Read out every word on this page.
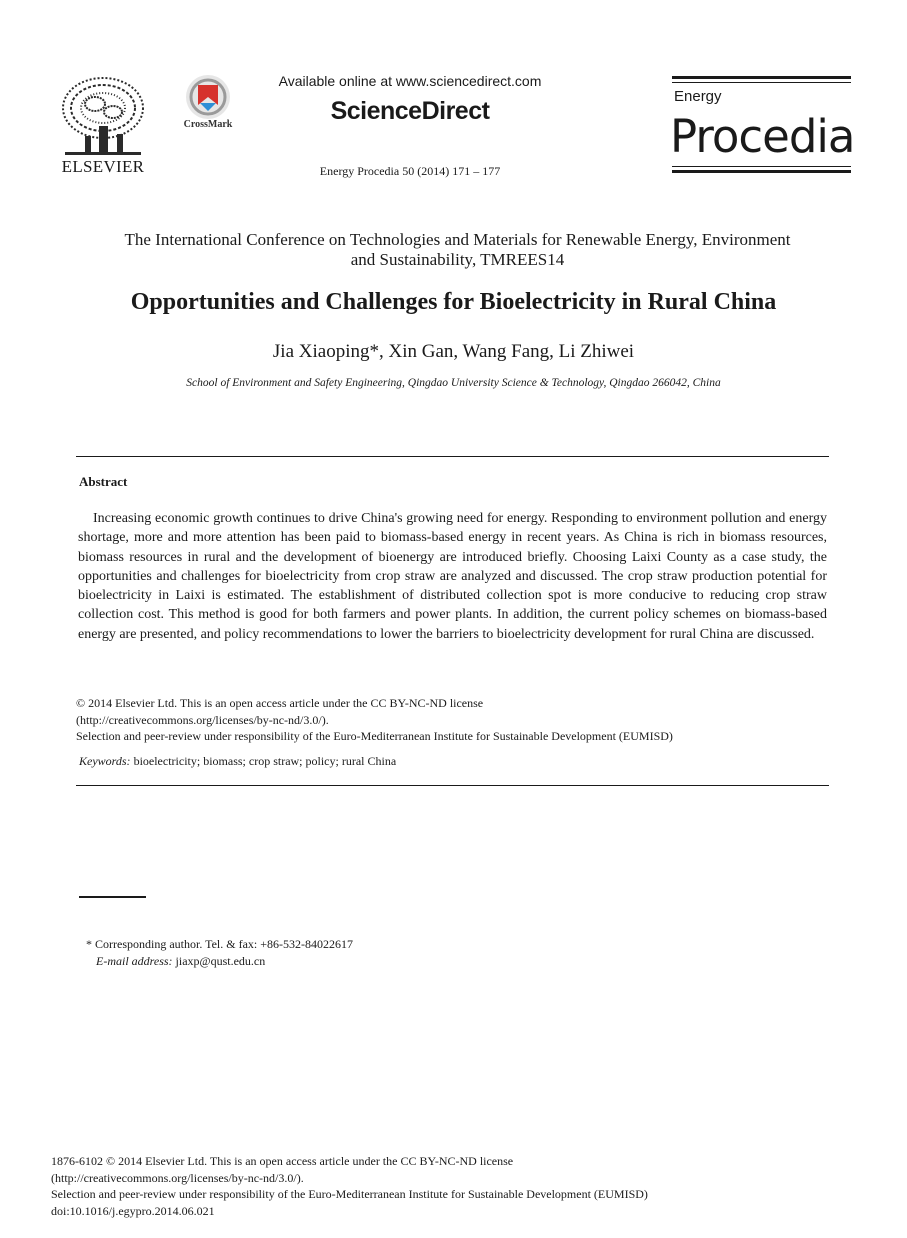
ELSEVIER
CrossMark
Available online at www.sciencedirect.com
ScienceDirect
Energy Procedia 50 (2014) 171 – 177
Energy
Procedia
The International Conference on Technologies and Materials for Renewable Energy, Environment
and Sustainability, TMREES14
Opportunities and Challenges for Bioelectricity in Rural China
Jia Xiaoping*, Xin Gan, Wang Fang, Li Zhiwei
School of Environment and Safety Engineering, Qingdao University Science & Technology, Qingdao 266042, China
Abstract
Increasing economic growth continues to drive China's growing need for energy. Responding to environment pollution and energy shortage, more and more attention has been paid to biomass-based energy in recent years. As China is rich in biomass resources, biomass resources in rural and the development of bioenergy are introduced briefly. Choosing Laixi County as a case study, the opportunities and challenges for bioelectricity from crop straw are analyzed and discussed. The crop straw production potential for bioelectricity in Laixi is estimated. The establishment of distributed collection spot is more conducive to reducing crop straw collection cost. This method is good for both farmers and power plants. In addition, the current policy schemes on biomass-based energy are presented, and policy recommendations to lower the barriers to bioelectricity development for rural China are discussed.
© 2014 Elsevier Ltd. This is an open access article under the CC BY-NC-ND license
(http://creativecommons.org/licenses/by-nc-nd/3.0/).
Selection and peer-review under responsibility of the Euro-Mediterranean Institute for Sustainable Development (EUMISD)
Keywords: bioelectricity; biomass; crop straw; policy; rural China
* Corresponding author. Tel. & fax: +86-532-84022617
E-mail address: jiaxp@qust.edu.cn
1876-6102 © 2014 Elsevier Ltd. This is an open access article under the CC BY-NC-ND license
(http://creativecommons.org/licenses/by-nc-nd/3.0/).
Selection and peer-review under responsibility of the Euro-Mediterranean Institute for Sustainable Development (EUMISD)
doi:10.1016/j.egypro.2014.06.021
